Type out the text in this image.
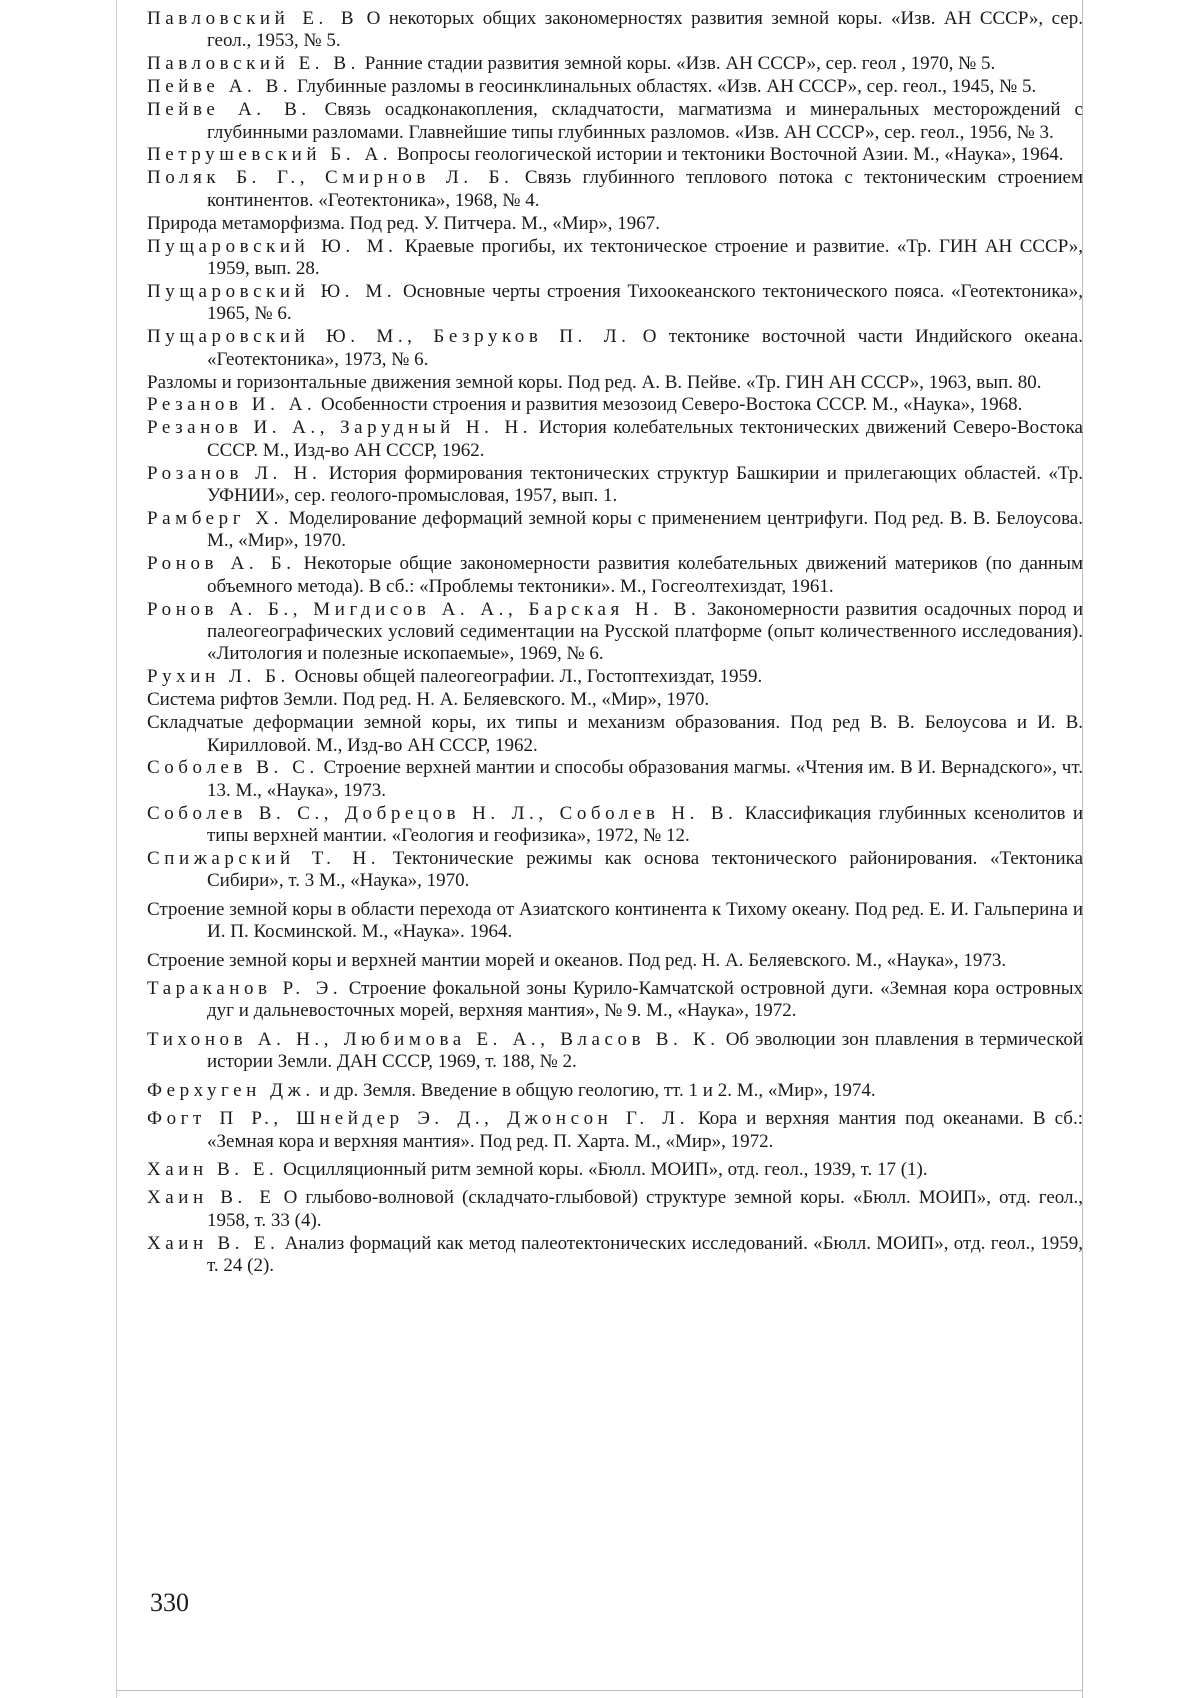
Павловский Е. В О некоторых общих закономерностях развития земной коры. «Изв. АН СССР», сер. геол., 1953, № 5.

Павловский Е. В. Ранние стадии развития земной коры. «Изв. АН СССР», сер. геол , 1970, № 5.

Пейве А. В. Глубинные разломы в геосинклинальных областях. «Изв. АН СССР», сер. геол., 1945, № 5.

Пейве А. В. Связь осадконакопления, складчатости, магматизма и минеральных месторождений с глубинными разломами. Главнейшие типы глубинных разломов. «Изв. АН СССР», сер. геол., 1956, № 3.

Петрушевский Б. А. Вопросы геологической истории и тектоники Восточной Азии. М., «Наука», 1964.

Поляк Б. Г., Смирнов Л. Б. Связь глубинного теплового потока с тектоническим строением континентов. «Геотектоника», 1968, № 4.

Природа метаморфизма. Под ред. У. Питчера. М., «Мир», 1967.

Пущаровский Ю. М. Краевые прогибы, их тектоническое строение и развитие. «Тр. ГИН АН СССР», 1959, вып. 28.

Пущаровский Ю. М. Основные черты строения Тихоокеанского тектонического пояса. «Геотектоника», 1965, № 6.

Пущаровский Ю. М., Безруков П. Л. О тектонике восточной части Индийского океана. «Геотектоника», 1973, № 6.

Разломы и горизонтальные движения земной коры. Под ред. А. В. Пейве. «Тр. ГИН АН СССР», 1963, вып. 80.

Резанов И. А. Особенности строения и развития мезозоид Северо-Востока СССР. М., «Наука», 1968.

Резанов И. А., Зарудный Н. Н. История колебательных тектонических движений Северо-Востока СССР. М., Изд-во АН СССР, 1962.

Розанов Л. Н. История формирования тектонических структур Башкирии и прилегающих областей. «Тр. УФНИИ», сер. геолого-промысловая, 1957, вып. 1.

Рамберг Х. Моделирование деформаций земной коры с применением центрифуги. Под ред. В. В. Белоусова. М., «Мир», 1970.

Ронов А. Б. Некоторые общие закономерности развития колебательных движений материков (по данным объемного метода). В сб.: «Проблемы тектоники». М., Госгеолтехиздат, 1961.

Ронов А. Б., Мигдисов А. А., Барская Н. В. Закономерности развития осадочных пород и палеогеографических условий седиментации на Русской платформе (опыт количественного исследования). «Литология и полезные ископаемые», 1969, № 6.

Рухин Л. Б. Основы общей палеогеографии. Л., Гостоптехиздат, 1959.

Система рифтов Земли. Под ред. Н. А. Беляевского. М., «Мир», 1970.

Складчатые деформации земной коры, их типы и механизм образования. Под ред В. В. Белоусова и И. В. Кирилловой. М., Изд-во АН СССР, 1962.

Соболев В. С. Строение верхней мантии и способы образования магмы. «Чтения им. В И. Вернадского», чт. 13. М., «Наука», 1973.

Соболев В. С., Добрецов Н. Л., Соболев Н. В. Классификация глубинных ксенолитов и типы верхней мантии. «Геология и геофизика», 1972, № 12.

Спижарский Т. Н. Тектонические режимы как основа тектонического районирования. «Тектоника Сибири», т. 3 М., «Наука», 1970.

Строение земной коры в области перехода от Азиатского континента к Тихому океану. Под ред. Е. И. Гальперина и И. П. Косминской. М., «Наука». 1964.

Строение земной коры и верхней мантии морей и океанов. Под ред. Н. А. Беляевского. М., «Наука», 1973.

Тараканов Р. Э. Строение фокальной зоны Курило-Камчатской островной дуги. «Земная кора островных дуг и дальневосточных морей, верхняя мантия», № 9. М., «Наука», 1972.

Тихонов А. Н., Любимова Е. А., Власов В. К. Об эволюции зон плавления в термической истории Земли. ДАН СССР, 1969, т. 188, № 2.

Ферхуген Дж. и др. Земля. Введение в общую геологию, тт. 1 и 2. М., «Мир», 1974.

Фогт П Р., Шнейдер Э. Д., Джонсон Г. Л. Кора и верхняя мантия под океанами. В сб.: «Земная кора и верхняя мантия». Под ред. П. Харта. М., «Мир», 1972.

Хаин В. Е. Осцилляционный ритм земной коры. «Бюлл. МОИП», отд. геол., 1939, т. 17 (1).

Хаин В. Е О глыбово-волновой (складчато-глыбовой) структуре земной коры. «Бюлл. МОИП», отд. геол., 1958, т. 33 (4).

Хаин В. Е. Анализ формаций как метод палеотектонических исследований. «Бюлл. МОИП», отд. геол., 1959, т. 24 (2).

330
